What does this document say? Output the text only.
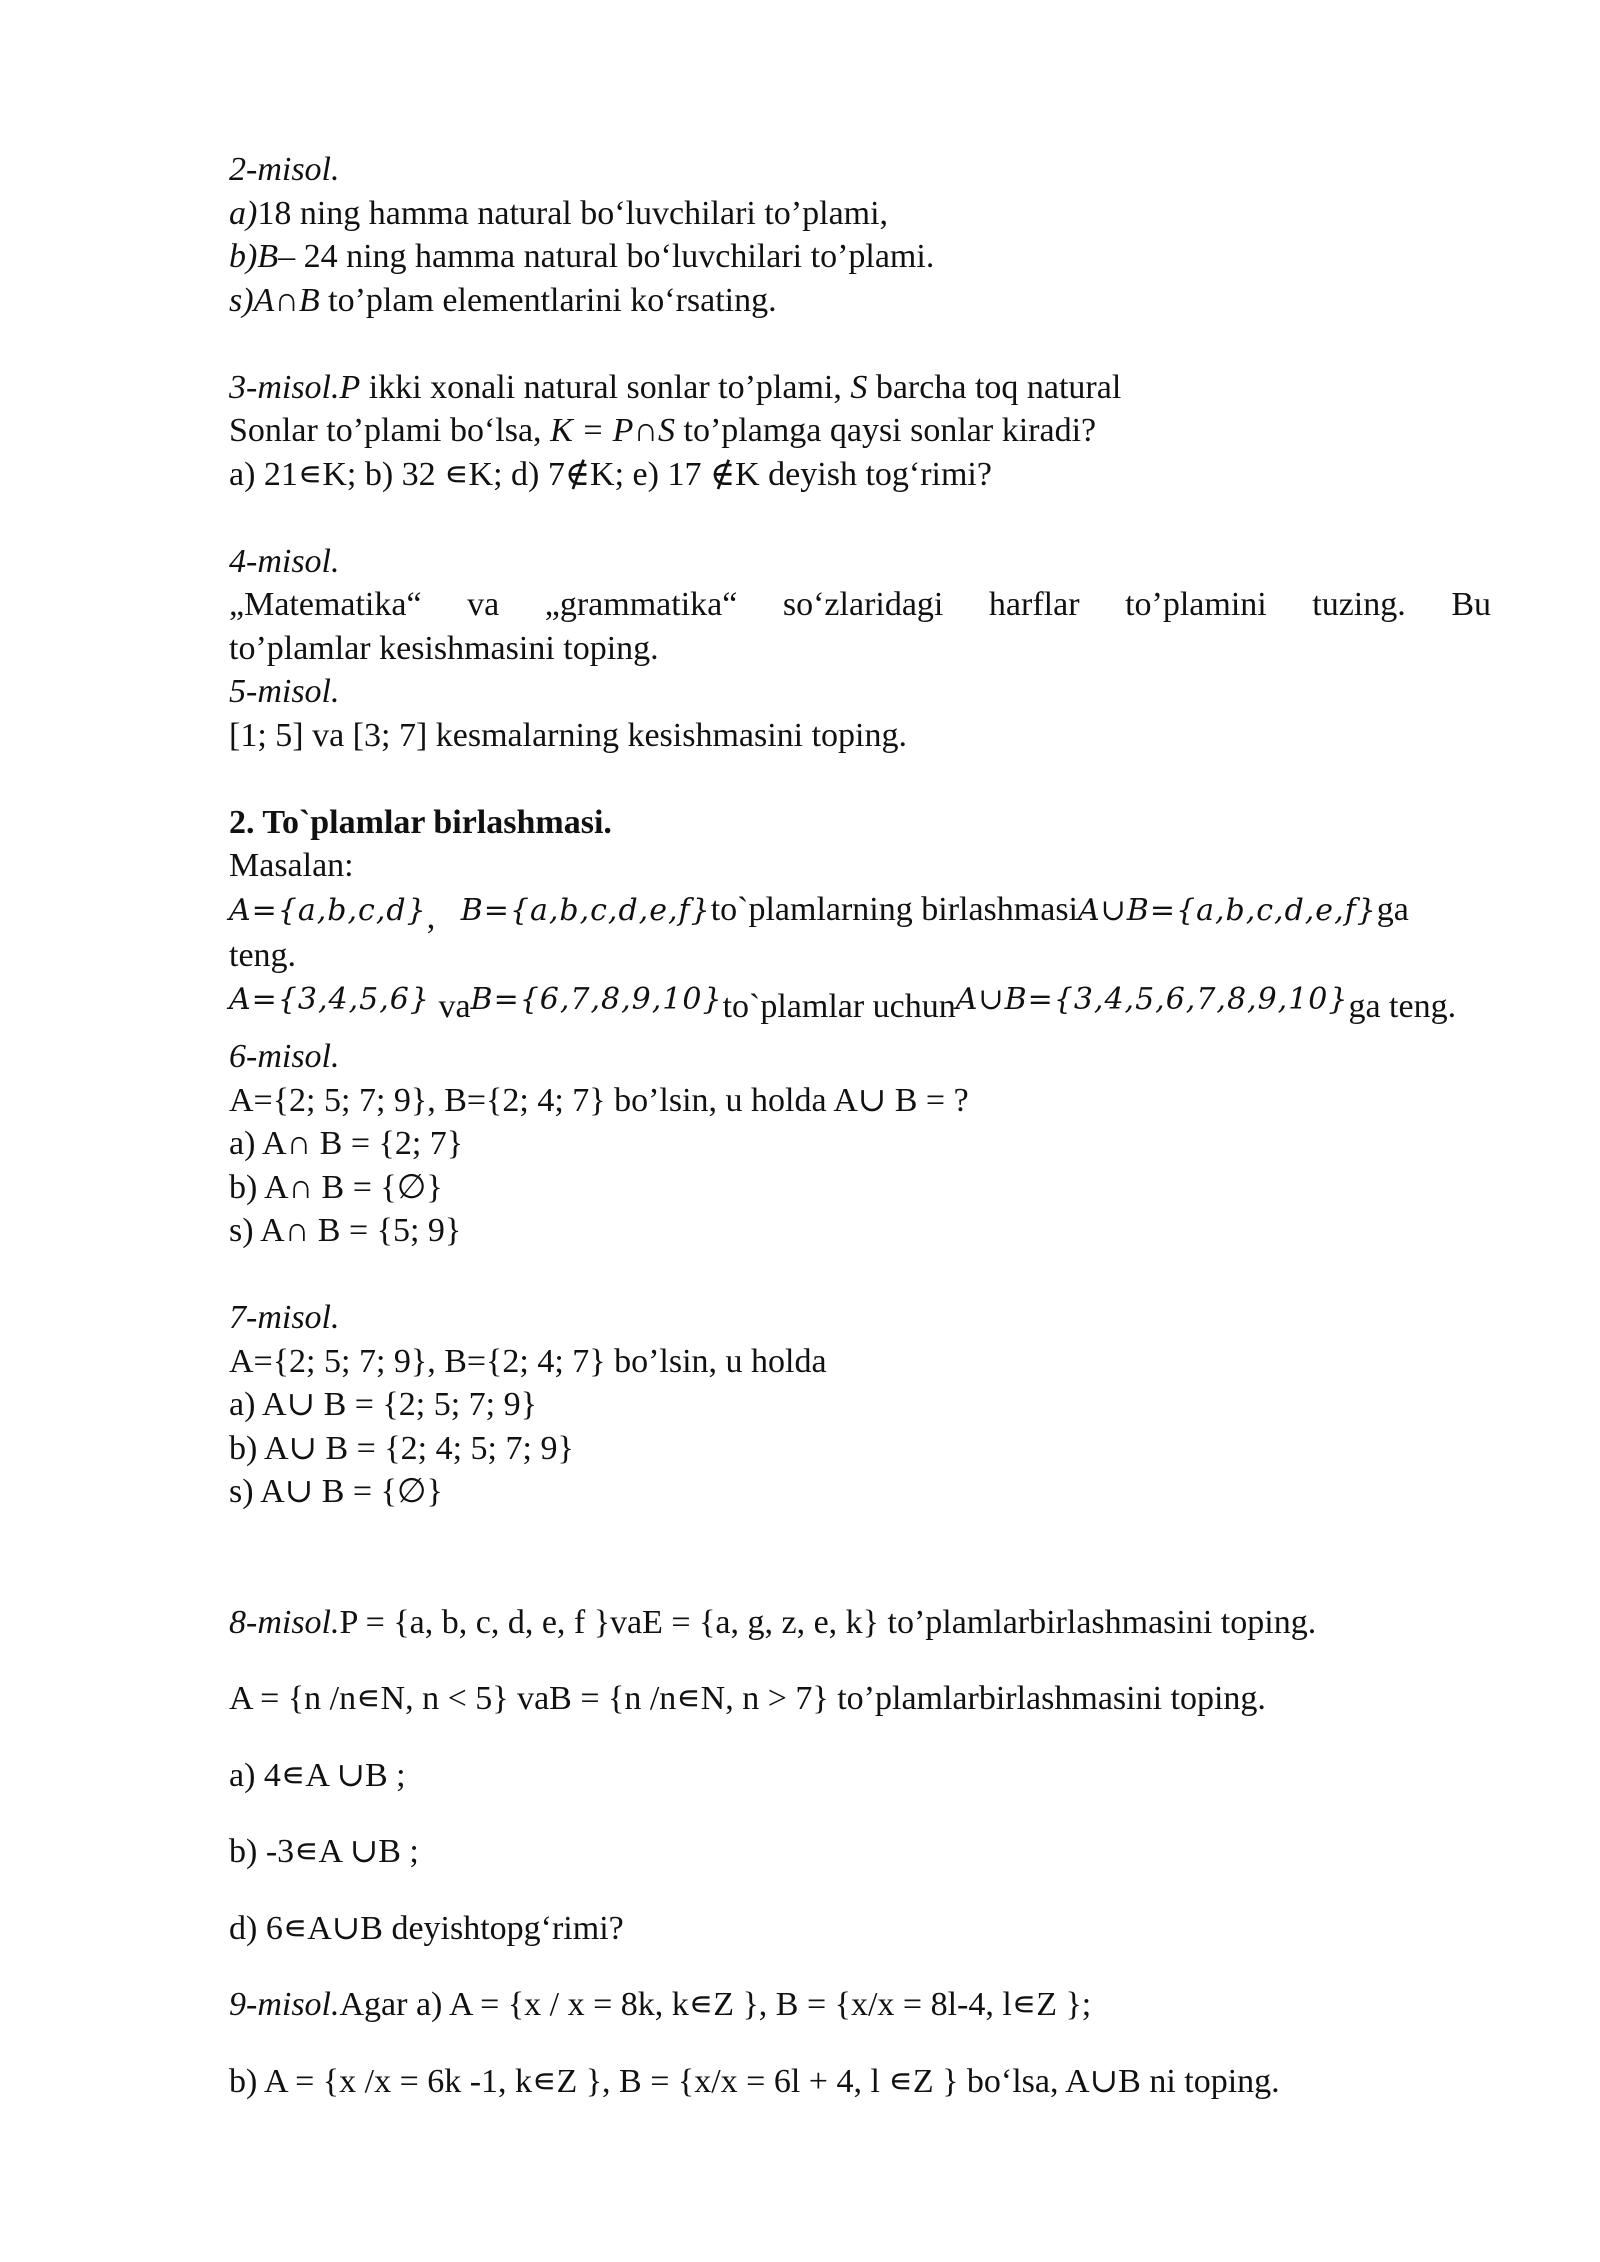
2-misol.
a)18 ning hamma natural bo‘luvchilari to’plami,
b)B– 24 ning hamma natural bo‘luvchilari to’plami.
s)A∩B to’plam elementlarini ko‘rsating.
3-misol.P ikki xonali natural sonlar to’plami, S barcha toq natural
Sonlar to’plami bo‘lsa, K = P∩S to’plamga qaysi sonlar kiradi?
a) 21∊K; b) 32 ∊K; d) 7∉K; e) 17 ∉K deyish tog‘rimi?
4-misol.
„Matematika“ va „grammatika“ so‘zlaridagi harflar to’plamini tuzing. Bu
to’plamlar kesishmasini toping.
5-misol.
[1; 5] va [3; 7] kesmalarning kesishmasini toping.
2. To`plamlar birlashmasi.
Masalan:
A={a,b,c,d}, B={a,b,c,d,e,f}to`plamlarning birlashmasiA∪B={a,b,c,d,e,f}ga
teng.
A={3,4,5,6} vaB={6,7,8,9,10}to`plamlar uchunA∪B={3,4,5,6,7,8,9,10}ga teng.
6-misol.
A={2; 5; 7; 9}, B={2; 4; 7} bo’lsin, u holda A∪ B = ?
a) A∩ B = {2; 7}
b) A∩ B = {∅}
s) A∩ B = {5; 9}
7-misol.
A={2; 5; 7; 9}, B={2; 4; 7} bo’lsin, u holda
a) A∪ B = {2; 5; 7; 9}
b) A∪ B = {2; 4; 5; 7; 9}
s) A∪ B = {∅}
8-misol.P = {a, b, c, d, e, f }vaE = {a, g, z, e, k} to’plamlarbirlashmasini toping.
A = {n /n∊N, n < 5} vaB = {n /n∊N, n > 7} to’plamlarbirlashmasini toping.
a) 4∊A ∪B ;
b) -3∊A ∪B ;
d) 6∊A∪B deyishtopg‘rimi?
9-misol.Agar a) A = {x / x = 8k, k∊Z }, B = {x/x = 8l-4, l∊Z };
b) A = {x /x = 6k -1, k∊Z }, B = {x/x = 6l + 4, l ∊Z } bo‘lsa, A∪B ni toping.
